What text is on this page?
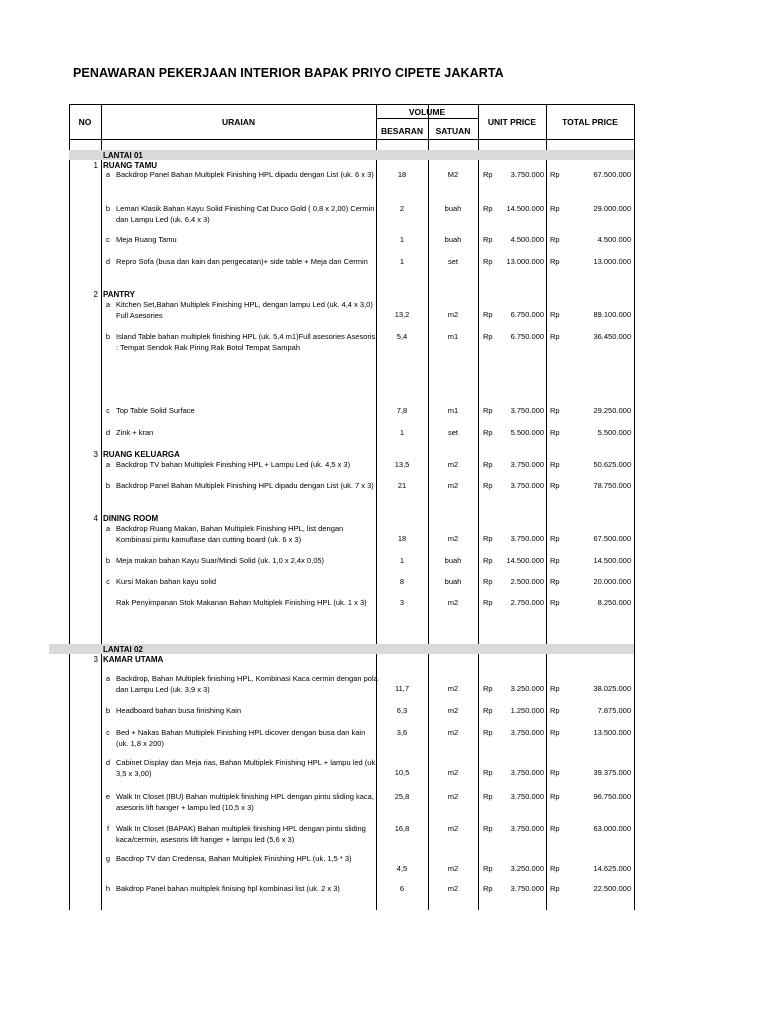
PENAWARAN PEKERJAAN INTERIOR BAPAK PRIYO CIPETE JAKARTA
NO	URAIAN
VOLUME
BESARAN	SATUAN
UNIT PRICE	TOTAL PRICE
LANTAI 01
1 RUANG TAMU
a Backdrop Panel Bahan Multiplek Finishing HPL dipadu dengan List (uk. 6 x 3)	18	M2	Rp	3.750.000 Rp	67.500.000
b Lemari Klasik Bahan Kayu Solid Finishing Cat Duco Gold ( 0,8 x 2,00) Cermin dan Lampu Led (uk. 6,4 x 3)
2	buah	Rp	14.500.000 Rp	29.000.000
c Meja Ruang Tamu	1	buah	Rp	4.500.000 Rp	4.500.000
d Repro Sofa (busa dan kain dan pengecatan)+ side table + Meja dan Cermin	1	set	Rp	13.000.000 Rp	13.000.000
2 PANTRY
a Kitchen Set,Bahan Multiplek Finishing HPL, dengan lampu Led (uk. 4,4 x 3,0) Full Asesories	13,2	m2	Rp	6.750.000 Rp	89.100.000
b Island Table bahan multiplek finishing HPL (uk. 5,4 m1)Full asesories Asesoris : Tempat Sendok Rak Piring Rak Botol Tempat Sampah
5,4	m1	Rp	6.750.000 Rp	36.450.000
c Top Table Solid Surface	7,8	m1	Rp	3.750.000 Rp	29.250.000
d Zink + kran	1	set	Rp	5.500.000 Rp	5.500.000
3 RUANG KELUARGA
a Backdrop TV bahan Multiplek Finishing HPL + Lampu Led (uk. 4,5 x 3)	13,5	m2	Rp	3.750.000 Rp	50.625.000
b Backdrop Panel Bahan Multiplek Finishing HPL dipadu dengan List (uk. 7 x 3)	21	m2	Rp	3.750.000 Rp	78.750.000
4 DINING ROOM
a Backdrop Ruang Makan, Bahan Multiplek Finishing HPL, list dengan Kombinasi pintu kamuflase dan cutting board (uk. 6 x 3)	18	m2	Rp	3.750.000 Rp	67.500.000
b Meja makan bahan Kayu Suar/Mindi Solid (uk. 1,0 x 2,4x 0,05)	1	buah	Rp	14.500.000 Rp	14.500.000
c Kursi Makan bahan kayu solid	8	buah	Rp	2.500.000 Rp	20.000.000
Rak Penyimpanan Stok Makanan Bahan Multiplek Finishing HPL (uk. 1 x 3)	3	m2	Rp	2.750.000 Rp	8.250.000
LANTAI 02
3 KAMAR UTAMA
a Backdrop, Bahan Multiplek finishing HPL, Kombinasi Kaca cermin dengan pola dan Lampu Led (uk. 3,9 x 3)	11,7	m2	Rp	3.250.000 Rp	38.025.000
b Headboard bahan busa finishing Kain	6,3	m2	Rp	1.250.000 Rp	7.875.000
c Bed + Nakas Bahan Multiplek Finishing HPL dicover dengan busa dan kain (uk. 1,8 x 200)
3,6	m2	Rp	3.750.000 Rp	13.500.000
d Cabinet Display dan Meja rias, Bahan Multiplek Finishing HPL + lampu led (uk. 3,5 x 3,00)	10,5	m2	Rp	3.750.000 Rp	39.375.000
e Walk In Closet (IBU) Bahan multiplek finishing HPL dengan pintu sliding kaca, asesoris lift hanger + lampu led (10,5 x 3)
25,8	m2	Rp	3.750.000 Rp	96.750.000
f Walk In Closet (BAPAK) Bahan multiplek finishing HPL dengan pintu sliding kaca/cermin, asesoris lift hanger + lampu led (5,6 x 3)
16,8	m2	Rp	3.750.000 Rp	63.000.000
g Bacdrop TV dan Credensa, Bahan Multiplek Finishing HPL (uk. 1,5 * 3)
4,5	m2	Rp	3.250.000 Rp	14.625.000
h Bakdrop Panel bahan multiplek finising hpl kombinasi list (uk. 2 x 3)	6	m2	Rp	3.750.000 Rp	22.500.000
